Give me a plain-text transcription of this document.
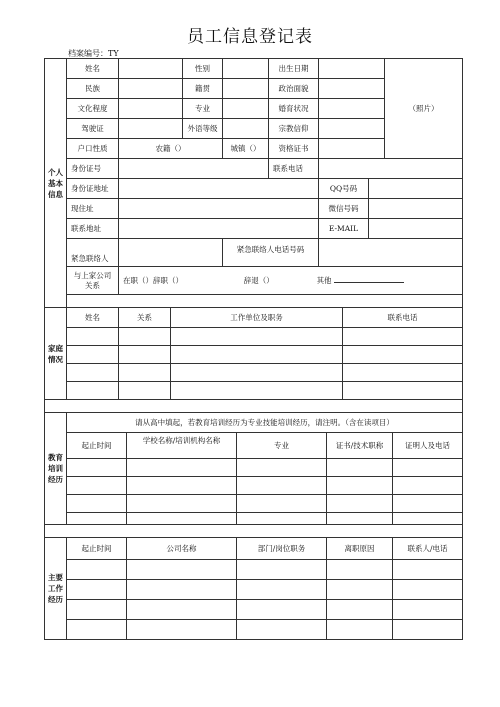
员工信息登记表
档案编号：TY
个人
基本
信息	姓名		性别		出生日期			（照片）
	民族		籍贯		政治面貌			
	文化程度		专业		婚育状况			
	驾驶证		外语等级		宗教信仰			
	户口性质	农籍（）		城镇（）	资格证书			
	身份证号				联系电话			
	身份证地址					QQ号码		
	现住址					微信号码		
	联系地址					E-MAIL		
	紧急联络人			紧急联络人电话号码				
	与上家公司
关系	在职（）辞职（） 辞退（） 其他						

家庭
情况	姓名	关系	工作单位及职务	联系电话

教育
培训
经历	请从高中填起，若教育培训经历为专业技能培训经历，请注明。（含在读项目）				
	起止时间	学校名称/培训机构名称	专业	证书/技术职称	证明人及电话

主要
工作
经历	起止时间	公司名称	部门/岗位职务	离职原因	联系人/电话
